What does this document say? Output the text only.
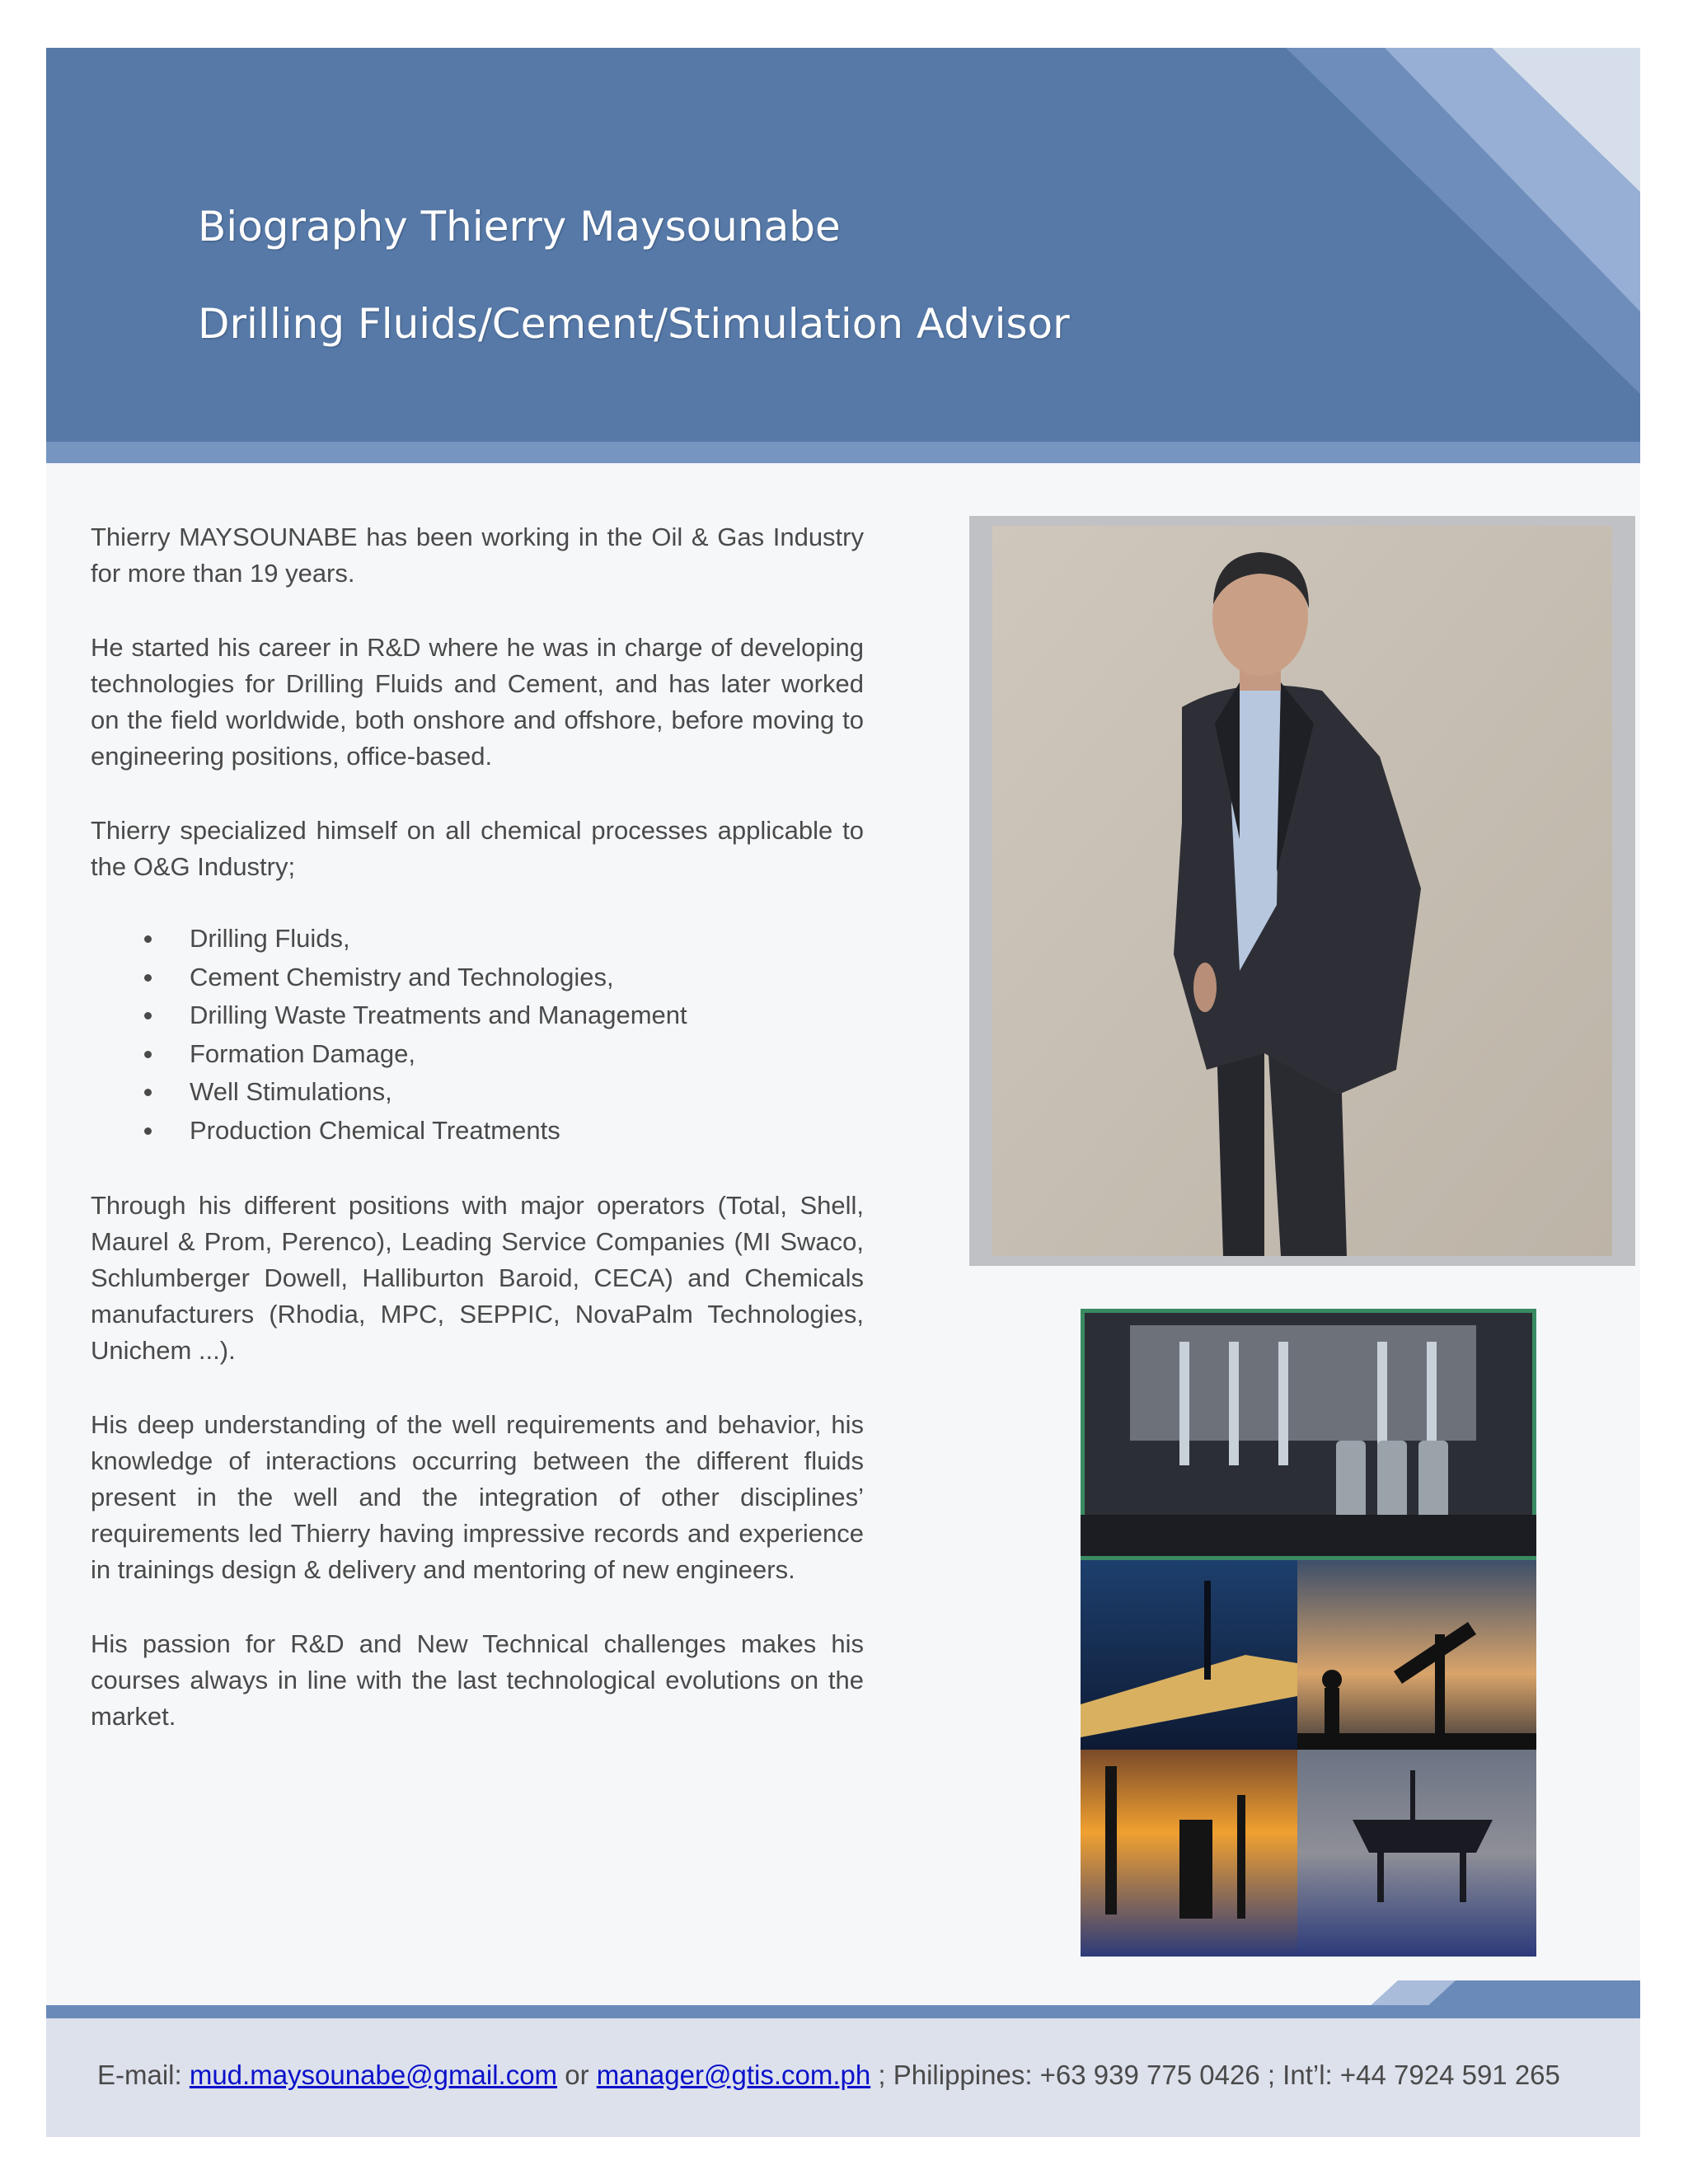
Biography Thierry Maysounabe
Drilling Fluids/Cement/Stimulation Advisor

Thierry MAYSOUNABE has been working in the Oil & Gas Industry for more than 19 years.

He started his career in R&D where he was in charge of developing technologies for Drilling Fluids and Cement, and has later worked on the field worldwide, both onshore and offshore, before moving to engineering positions, office-based.

Thierry specialized himself on all chemical processes applicable to the O&G Industry;

Drilling Fluids,
Cement Chemistry and Technologies,
Drilling Waste Treatments and Management
Formation Damage,
Well Stimulations,
Production Chemical Treatments

Through his different positions with major operators (Total, Shell, Maurel & Prom, Perenco), Leading Service Companies (MI Swaco, Schlumberger Dowell, Halliburton Baroid, CECA) and Chemicals manufacturers (Rhodia, MPC, SEPPIC, NovaPalm Technologies, Unichem ...).

His deep understanding of the well requirements and behavior, his knowledge of interactions occurring between the different fluids present in the well and the integration of other disciplines’ requirements led Thierry having impressive records and experience in trainings design & delivery and mentoring of new engineers.

His passion for R&D and New Technical challenges makes his courses always in line with the last technological evolutions on the market.

E-mail: mud.maysounabe@gmail.com or manager@gtis.com.ph ; Philippines: +63 939 775 0426 ; Int’l: +44 7924 591 265
